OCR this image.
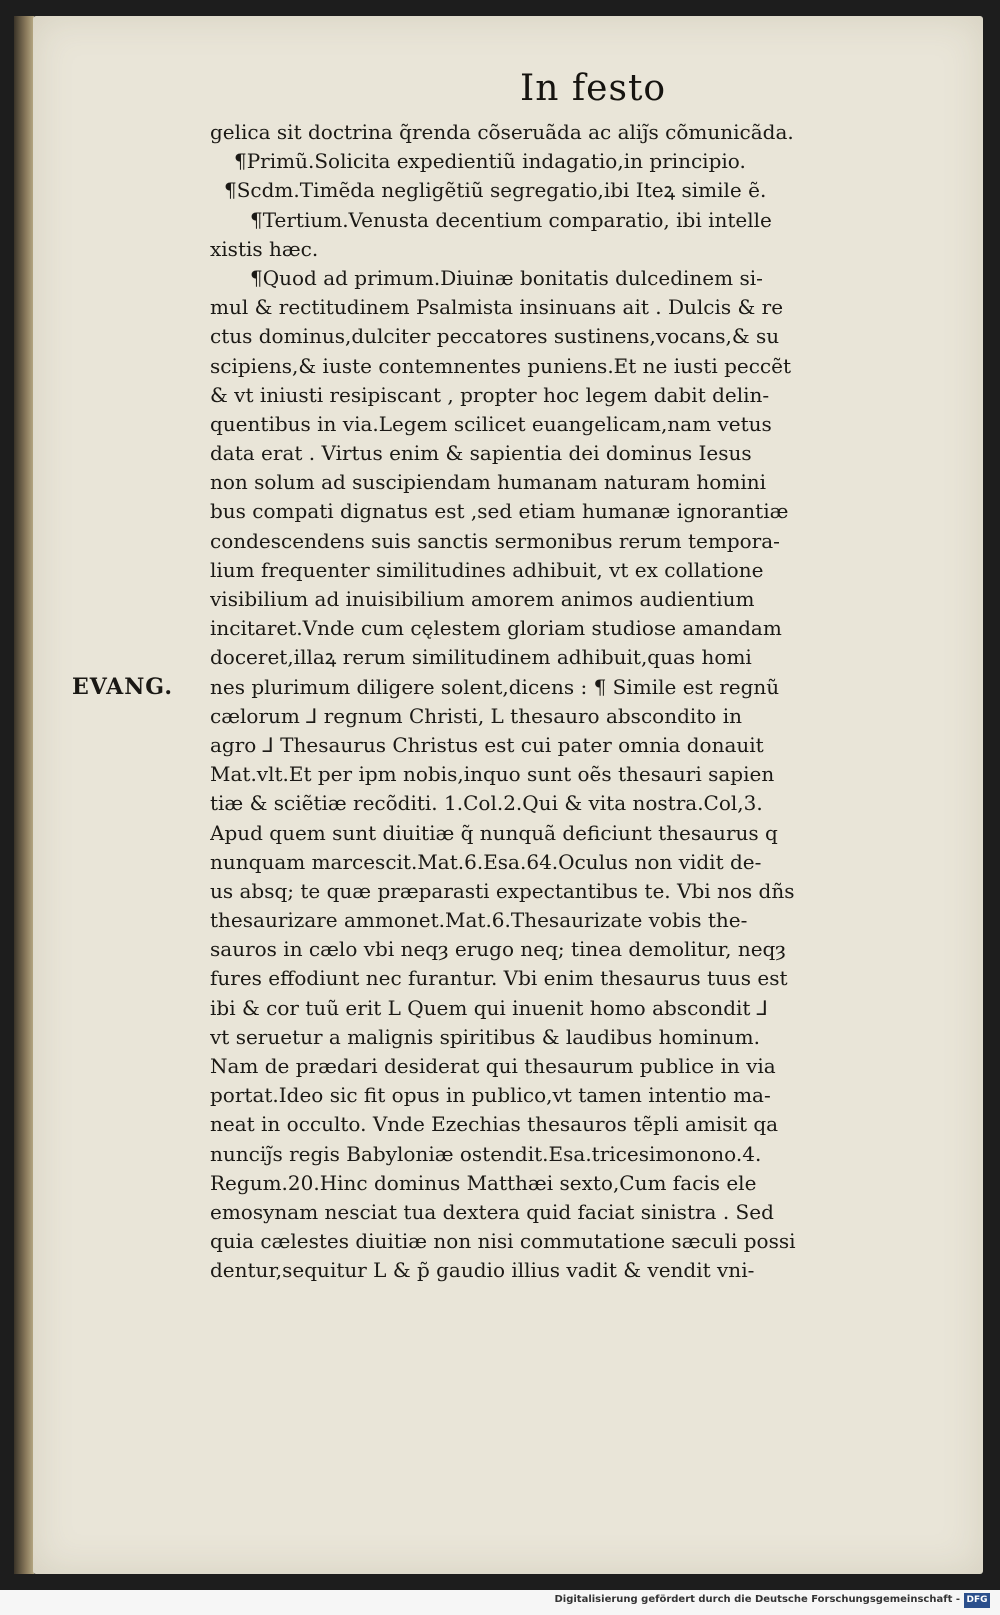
In festo
EVANG.
gelica sit doctrina q̃renda cõseruãda ac aliȷ̃s cõmunicãda.
¶Primũ.Solicita expedientiũ indagatio,in principio.
¶Scdm.Timẽda negligẽtiũ segregatio,ibi Iteꝝ simile ẽ.
¶Tertium.Venusta decentium comparatio, ibi intelle
xistis hæc.
¶Quod ad primum.Diuinæ bonitatis dulcedinem si-
mul & rectitudinem Psalmista insinuans ait . Dulcis & re
ctus dominus,dulciter peccatores sustinens,vocans,& su
scipiens,& iuste contemnentes puniens.Et ne iusti peccẽt
& vt iniusti resipiscant , propter hoc legem dabit delin-
quentibus in via.Legem scilicet euangelicam,nam vetus
data erat . Virtus enim & sapientia dei dominus Iesus
non solum ad suscipiendam humanam naturam homini
bus compati dignatus est ,sed etiam humanæ ignorantiæ
condescendens suis sanctis sermonibus rerum tempora-
lium frequenter similitudines adhibuit, vt ex collatione
visibilium ad inuisibilium amorem animos audientium
incitaret.Vnde cum cęlestem gloriam studiose amandam
doceret,illaꝝ rerum similitudinem adhibuit,quas homi
nes plurimum diligere solent,dicens : ¶ Simile est regnũ
cælorum ⅃ regnum Christi, L thesauro abscondito in
agro ⅃ Thesaurus Christus est cui pater omnia donauit
Mat.vlt.Et per ipm nobis,inquo sunt oẽs thesauri sapien
tiæ & sciẽtiæ recõditi. 1.Col.2.Qui & vita nostra.Col,3.
Apud quem sunt diuitiæ q̃ nunquã deficiunt thesaurus q
nunquam marcescit.Mat.6.Esa.64.Oculus non vidit de-
us absq; te quæ præparasti expectantibus te. Vbi nos dñs
thesaurizare ammonet.Mat.6.Thesaurizate vobis the-
sauros in cælo vbi neqȝ erugo neq; tinea demolitur, neqȝ
fures effodiunt nec furantur. Vbi enim thesaurus tuus est
ibi & cor tuũ erit L Quem qui inuenit homo abscondit ⅃
vt seruetur a malignis spiritibus & laudibus hominum.
Nam de prædari desiderat qui thesaurum publice in via
portat.Ideo sic fit opus in publico,vt tamen intentio ma-
neat in occulto. Vnde Ezechias thesauros tẽpli amisit qa
nunciȷ̃s regis Babyloniæ ostendit.Esa.tricesimonono.4.
Regum.20.Hinc dominus Matthæi sexto,Cum facis ele
emosynam nesciat tua dextera quid faciat sinistra . Sed
quia cælestes diuitiæ non nisi commutatione sæculi possi
dentur,sequitur L & p̃ gaudio illius vadit & vendit vni-
Digitalisierung gefördert durch die Deutsche Forschungsgemeinschaft - DFG
